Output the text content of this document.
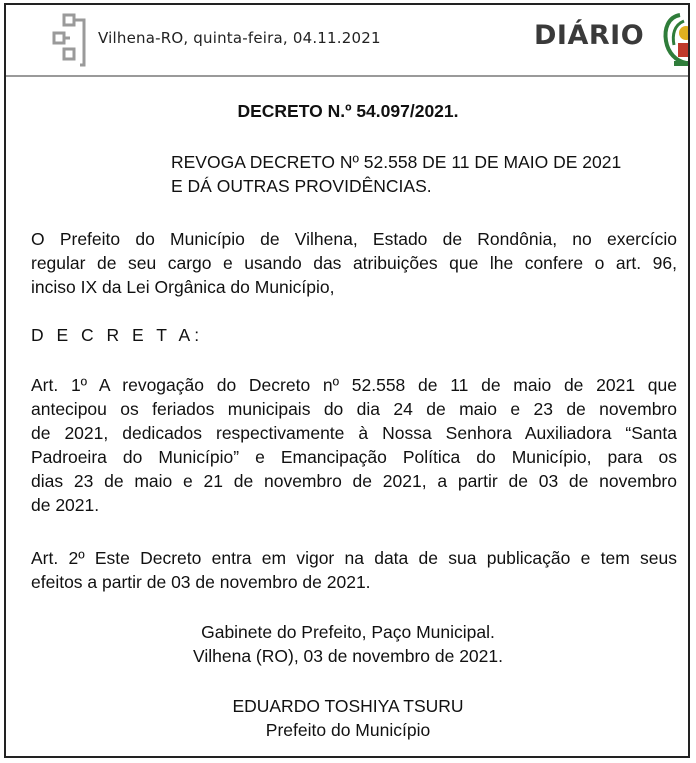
Vilhena-RO, quinta-feira, 04.11.2021	DIÁRIO

DECRETO N.º 54.097/2021.

REVOGA DECRETO Nº 52.558 DE 11 DE MAIO DE 2021
E DÁ OUTRAS PROVIDÊNCIAS.

O Prefeito do Município de Vilhena, Estado de Rondônia, no exercício
regular de seu cargo e usando das atribuições que lhe confere o art. 96,
inciso IX da Lei Orgânica do Município,

D E C R E T A:

Art. 1º A revogação do Decreto nº 52.558 de 11 de maio de 2021 que
antecipou os feriados municipais do dia 24 de maio e 23 de novembro
de 2021, dedicados respectivamente à Nossa Senhora Auxiliadora “Santa
Padroeira do Município” e Emancipação Política do Município, para os
dias 23 de maio e 21 de novembro de 2021, a partir de 03 de novembro
de 2021.

Art. 2º Este Decreto entra em vigor na data de sua publicação e tem seus
efeitos a partir de 03 de novembro de 2021.

Gabinete do Prefeito, Paço Municipal.
Vilhena (RO), 03 de novembro de 2021.

EDUARDO TOSHIYA TSURU
Prefeito do Município
